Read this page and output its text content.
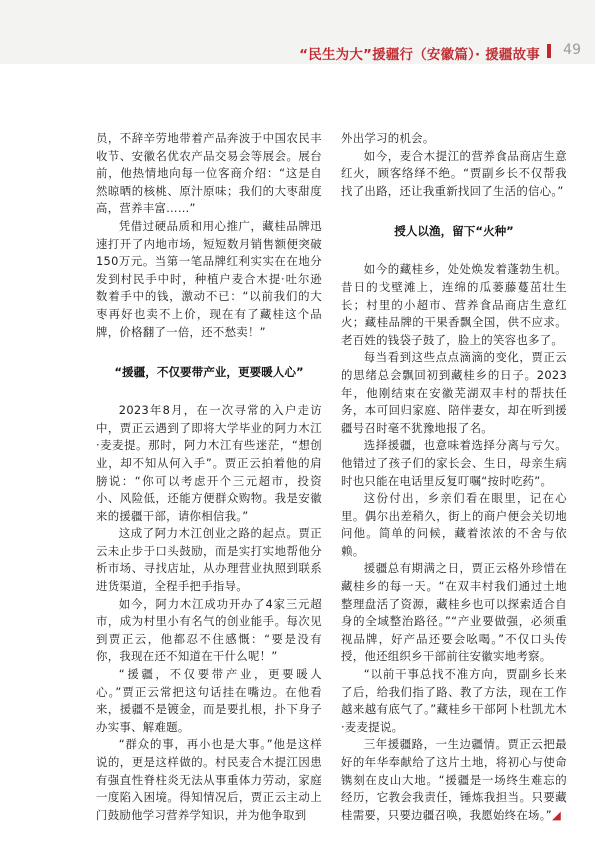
“民生为大”援疆行（安徽篇）· 援疆故事 49

员，不辞辛劳地带着产品奔波于中国农民丰收节、安徽名优农产品交易会等展会。展台前，他热情地向每一位客商介绍：“这是自然晾晒的核桃、原汁原味；我们的大枣甜度高，营养丰富……”

凭借过硬品质和用心推广，藏桂品牌迅速打开了内地市场，短短数月销售额便突破150万元。当第一笔品牌红利实实在在地分发到村民手中时，种植户麦合木提·吐尔逊数着手中的钱，激动不已：“以前我们的大枣再好也卖不上价，现在有了藏桂这个品牌，价格翻了一倍，还不愁卖！”

“援疆，不仅要带产业，更要暖人心”

2023年8月，在一次寻常的入户走访中，贾正云遇到了即将大学毕业的阿力木江·麦麦提。那时，阿力木江有些迷茫，“想创业，却不知从何入手”。贾正云拍着他的肩膀说：“你可以考虑开个三元超市，投资小、风险低，还能方便群众购物。我是安徽来的援疆干部，请你相信我。”

这成了阿力木江创业之路的起点。贾正云未止步于口头鼓励，而是实打实地帮他分析市场、寻找店址，从办理营业执照到联系进货渠道，全程手把手指导。

如今，阿力木江成功开办了4家三元超市，成为村里小有名气的创业能手。每次见到贾正云，他都忍不住感慨：“要是没有你，我现在还不知道在干什么呢！”

“援疆，不仅要带产业，更要暖人心。”贾正云常把这句话挂在嘴边。在他看来，援疆不是镀金，而是要扎根，扑下身子办实事、解难题。

“群众的事，再小也是大事。”他是这样说的，更是这样做的。村民麦合木提江因患有强直性脊柱炎无法从事重体力劳动，家庭一度陷入困境。得知情况后，贾正云主动上门鼓励他学习营养学知识，并为他争取到

外出学习的机会。

如今，麦合木提江的营养食品商店生意红火，顾客络绎不绝。“贾副乡长不仅帮我找了出路，还让我重新找回了生活的信心。”

授人以渔，留下“火种”

如今的藏桂乡，处处焕发着蓬勃生机。昔日的戈壁滩上，连绵的瓜蒌藤蔓茁壮生长；村里的小超市、营养食品商店生意红火；藏桂品牌的干果香飘全国，供不应求。老百姓的钱袋子鼓了，脸上的笑容也多了。

每当看到这些点点滴滴的变化，贾正云的思绪总会飘回初到藏桂乡的日子。2023年，他刚结束在安徽芜湖双丰村的帮扶任务，本可回归家庭、陪伴妻女，却在听到援疆号召时毫不犹豫地报了名。

选择援疆，也意味着选择分离与亏欠。他错过了孩子们的家长会、生日，母亲生病时也只能在电话里反复叮嘱“按时吃药”。

这份付出，乡亲们看在眼里，记在心里。偶尔出差稍久，街上的商户便会关切地问他。简单的问候，藏着浓浓的不舍与依赖。

援疆总有期满之日，贾正云格外珍惜在藏桂乡的每一天。“在双丰村我们通过土地整理盘活了资源，藏桂乡也可以探索适合自身的全域整治路径。”“产业要做强，必须重视品牌，好产品还要会吆喝。”不仅口头传授，他还组织乡干部前往安徽实地考察。

“以前干事总找不准方向，贾副乡长来了后，给我们指了路、教了方法，现在工作越来越有底气了。”藏桂乡干部阿卜杜凯尤木·麦麦提说。

三年援疆路，一生边疆情。贾正云把最好的年华奉献给了这片土地，将初心与使命镌刻在皮山大地。“援疆是一场终生难忘的经历，它教会我责任，锤炼我担当。只要藏桂需要，只要边疆召唤，我愿始终在场。”◢
